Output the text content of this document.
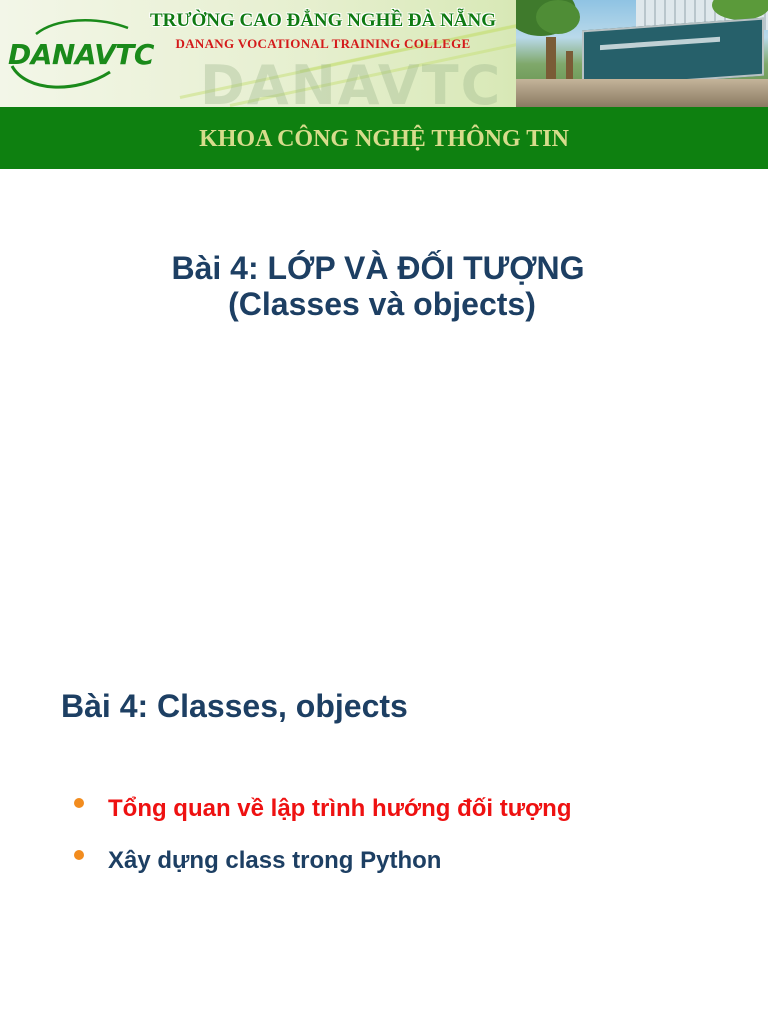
DANAVTC
DANAVTC
TRƯỜNG CAO ĐẲNG NGHỀ ĐÀ NẴNG
DANANG VOCATIONAL TRAINING COLLEGE
KHOA CÔNG NGHỆ THÔNG TIN
Bài 4: LỚP VÀ ĐỐI TƯỢNG
(Classes và objects)
Bài 4: Classes, objects
Tổng quan về lập trình hướng đối tượng
Xây dựng class trong Python
